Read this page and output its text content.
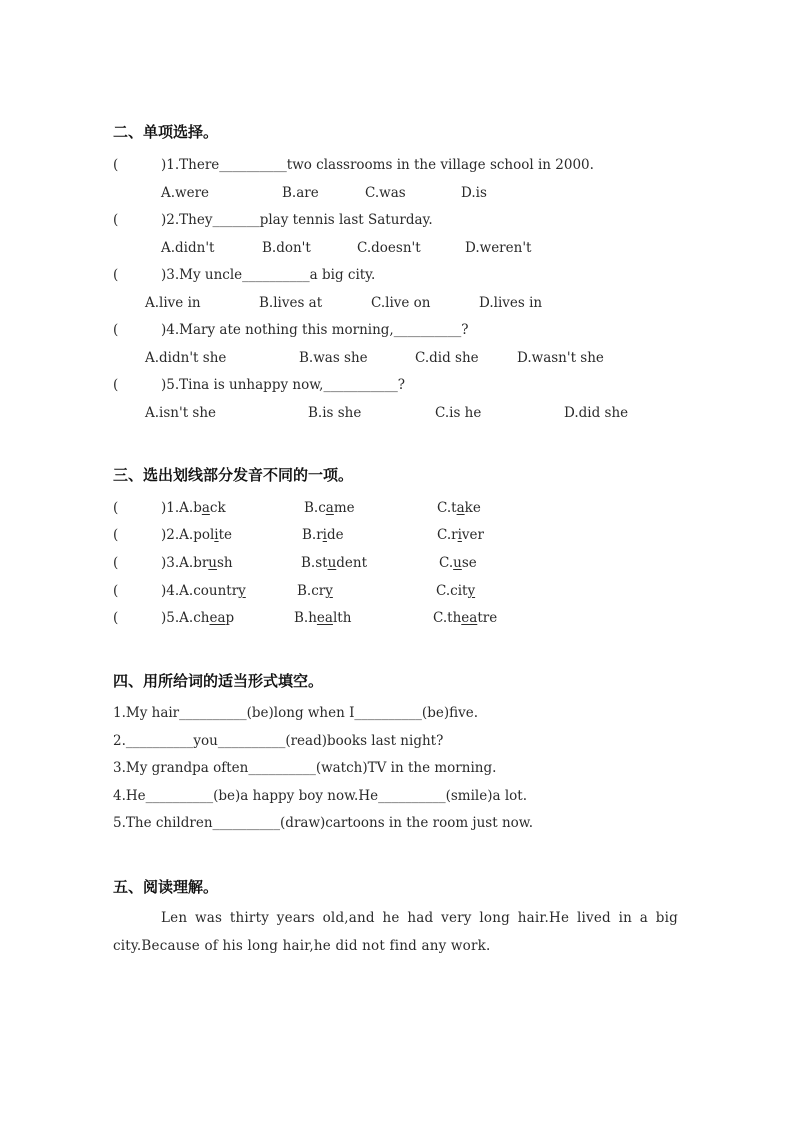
二、单项选择。
(	)1.There__________two classrooms in the village school in 2000.
A.were	B.are	C.was	D.is
(	)2.They_______play tennis last Saturday.
A.didn't	B.don't	C.doesn't	D.weren't
(	)3.My uncle__________a big city.
A.live in	B.lives at	C.live on	D.lives in
(	)4.Mary ate nothing this morning,__________?
A.didn't she	B.was she	C.did she	D.wasn't she
(	)5.Tina is unhappy now,___________?
A.isn't she	B.is she	C.is he	D.did she
三、选出划线部分发音不同的一项。
(	)1.A.back	B.came	C.take
(	)2.A.polite	B.ride	C.river
(	)3.A.brush	B.student	C.use
(	)4.A.country	B.cry	C.city
(	)5.A.cheap	B.health	C.theatre
四、用所给词的适当形式填空。
1.My hair__________(be)long when I__________(be)five.
2.__________you__________(read)books last night?
3.My grandpa often__________(watch)TV in the morning.
4.He__________(be)a happy boy now.He__________(smile)a lot.
5.The children__________(draw)cartoons in the room just now.
五、阅读理解。
Len was thirty years old,and he had very long hair.He lived in a big city.Because of his long hair,he did not find any work.
